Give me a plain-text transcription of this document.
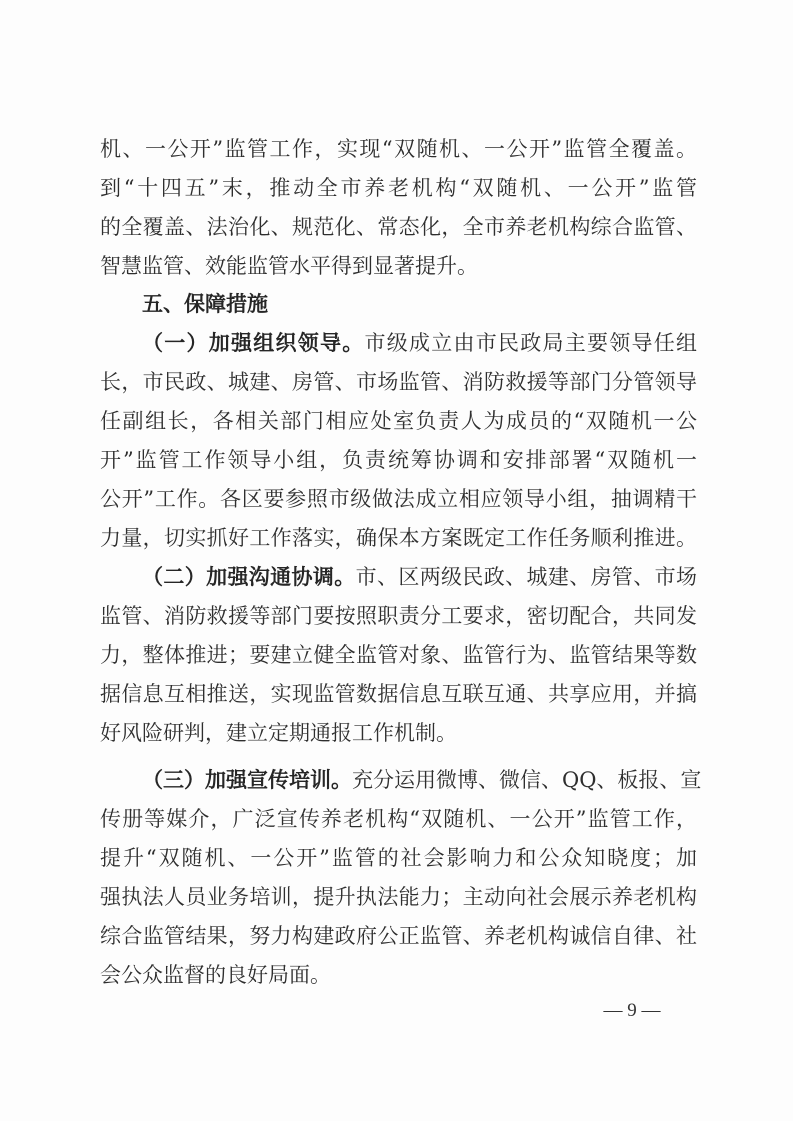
机、一公开”监管工作，实现“双随机、一公开”监管全覆盖。
到“十四五”末，推动全市养老机构“双随机、一公开”监管
的全覆盖、法治化、规范化、常态化，全市养老机构综合监管、
智慧监管、效能监管水平得到显著提升。
五、保障措施
（一）加强组织领导。市级成立由市民政局主要领导任组
长，市民政、城建、房管、市场监管、消防救援等部门分管领导
任副组长，各相关部门相应处室负责人为成员的“双随机一公
开”监管工作领导小组，负责统筹协调和安排部署“双随机一
公开”工作。各区要参照市级做法成立相应领导小组，抽调精干
力量，切实抓好工作落实，确保本方案既定工作任务顺利推进。
（二）加强沟通协调。市、区两级民政、城建、房管、市场
监管、消防救援等部门要按照职责分工要求，密切配合，共同发
力，整体推进；要建立健全监管对象、监管行为、监管结果等数
据信息互相推送，实现监管数据信息互联互通、共享应用，并搞
好风险研判，建立定期通报工作机制。
（三）加强宣传培训。充分运用微博、微信、QQ、板报、宣
传册等媒介，广泛宣传养老机构“双随机、一公开”监管工作，
提升“双随机、一公开”监管的社会影响力和公众知晓度；加
强执法人员业务培训，提升执法能力；主动向社会展示养老机构
综合监管结果，努力构建政府公正监管、养老机构诚信自律、社
会公众监督的良好局面。
— 9 —
